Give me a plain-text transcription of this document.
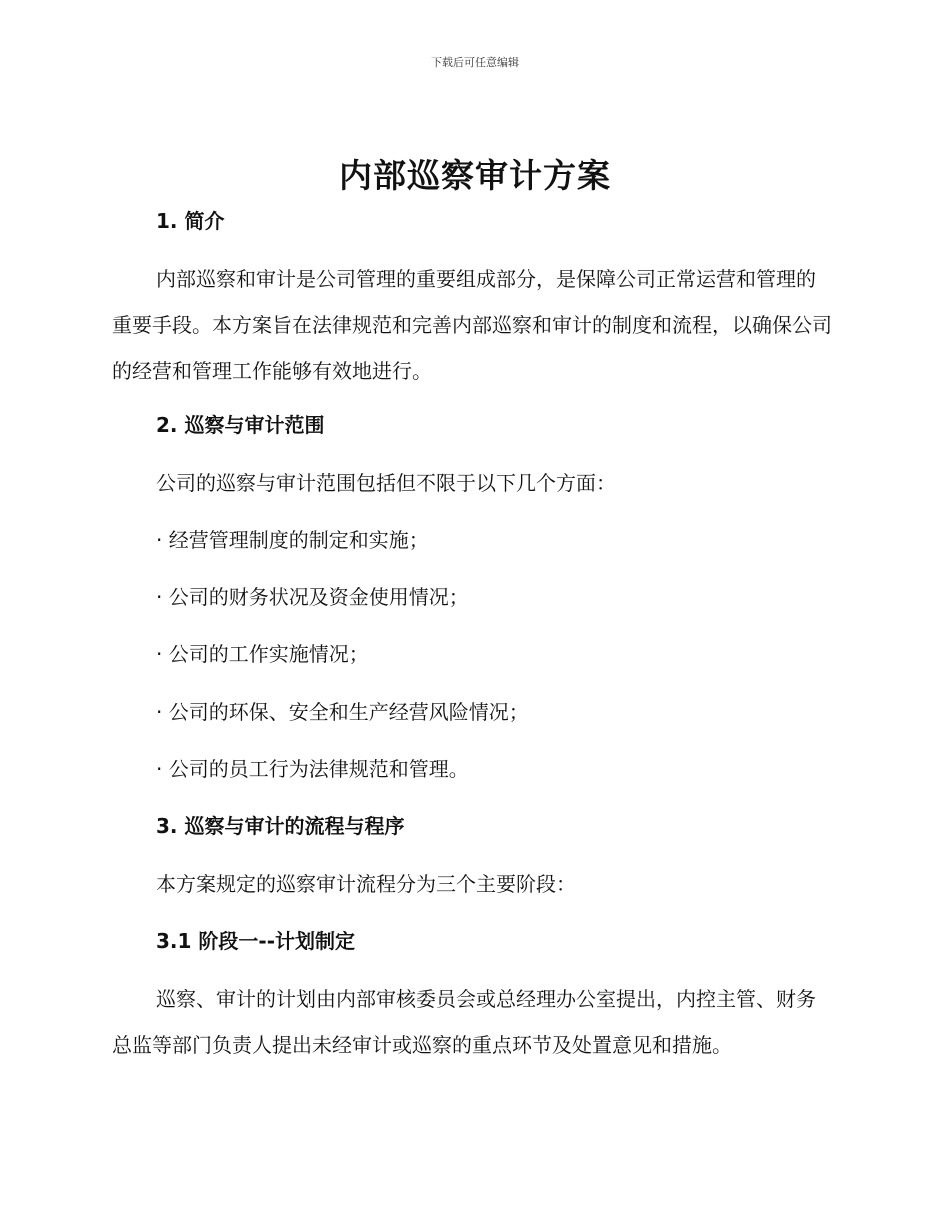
下载后可任意编辑
内部巡察审计方案

1. 简介

内部巡察和审计是公司管理的重要组成部分，是保障公司正常运营和管理的重要手段。本方案旨在法律规范和完善内部巡察和审计的制度和流程，以确保公司的经营和管理工作能够有效地进行。

2. 巡察与审计范围

公司的巡察与审计范围包括但不限于以下几个方面：

· 经营管理制度的制定和实施；

· 公司的财务状况及资金使用情况；

· 公司的工作实施情况；

· 公司的环保、安全和生产经营风险情况；

· 公司的员工行为法律规范和管理。

3. 巡察与审计的流程与程序

本方案规定的巡察审计流程分为三个主要阶段：

3.1 阶段一--计划制定

巡察、审计的计划由内部审核委员会或总经理办公室提出，内控主管、财务总监等部门负责人提出未经审计或巡察的重点环节及处置意见和措施。
